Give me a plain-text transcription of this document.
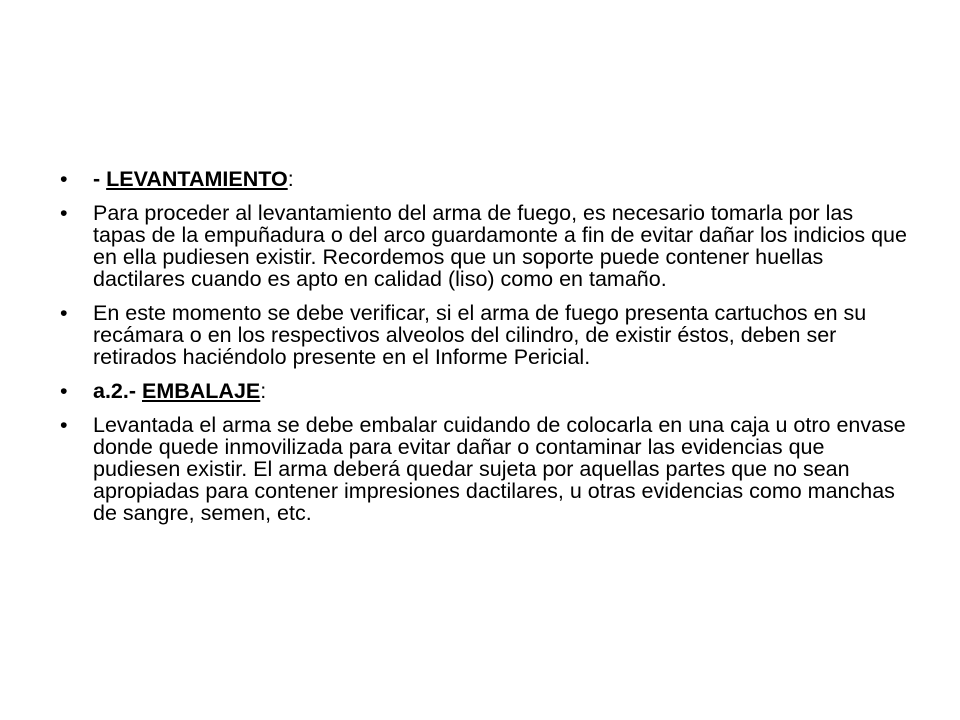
• - LEVANTAMIENTO:
• Para proceder al levantamiento del arma de fuego, es necesario tomarla por las tapas de la empuñadura o del arco guardamonte a fin de evitar dañar los indicios que en ella pudiesen existir. Recordemos que un soporte puede contener huellas dactilares cuando es apto en calidad (liso) como en tamaño.
• En este momento se debe verificar, si el arma de fuego presenta cartuchos en su recámara o en los respectivos alveolos del cilindro, de existir éstos, deben ser retirados haciéndolo presente en el Informe Pericial.
• a.2.- EMBALAJE:
• Levantada el arma se debe embalar cuidando de colocarla en una caja u otro envase donde quede inmovilizada para evitar dañar o contaminar las evidencias que pudiesen existir. El arma deberá quedar sujeta por aquellas partes que no sean apropiadas para contener impresiones dactilares, u otras evidencias como manchas de sangre, semen, etc.
